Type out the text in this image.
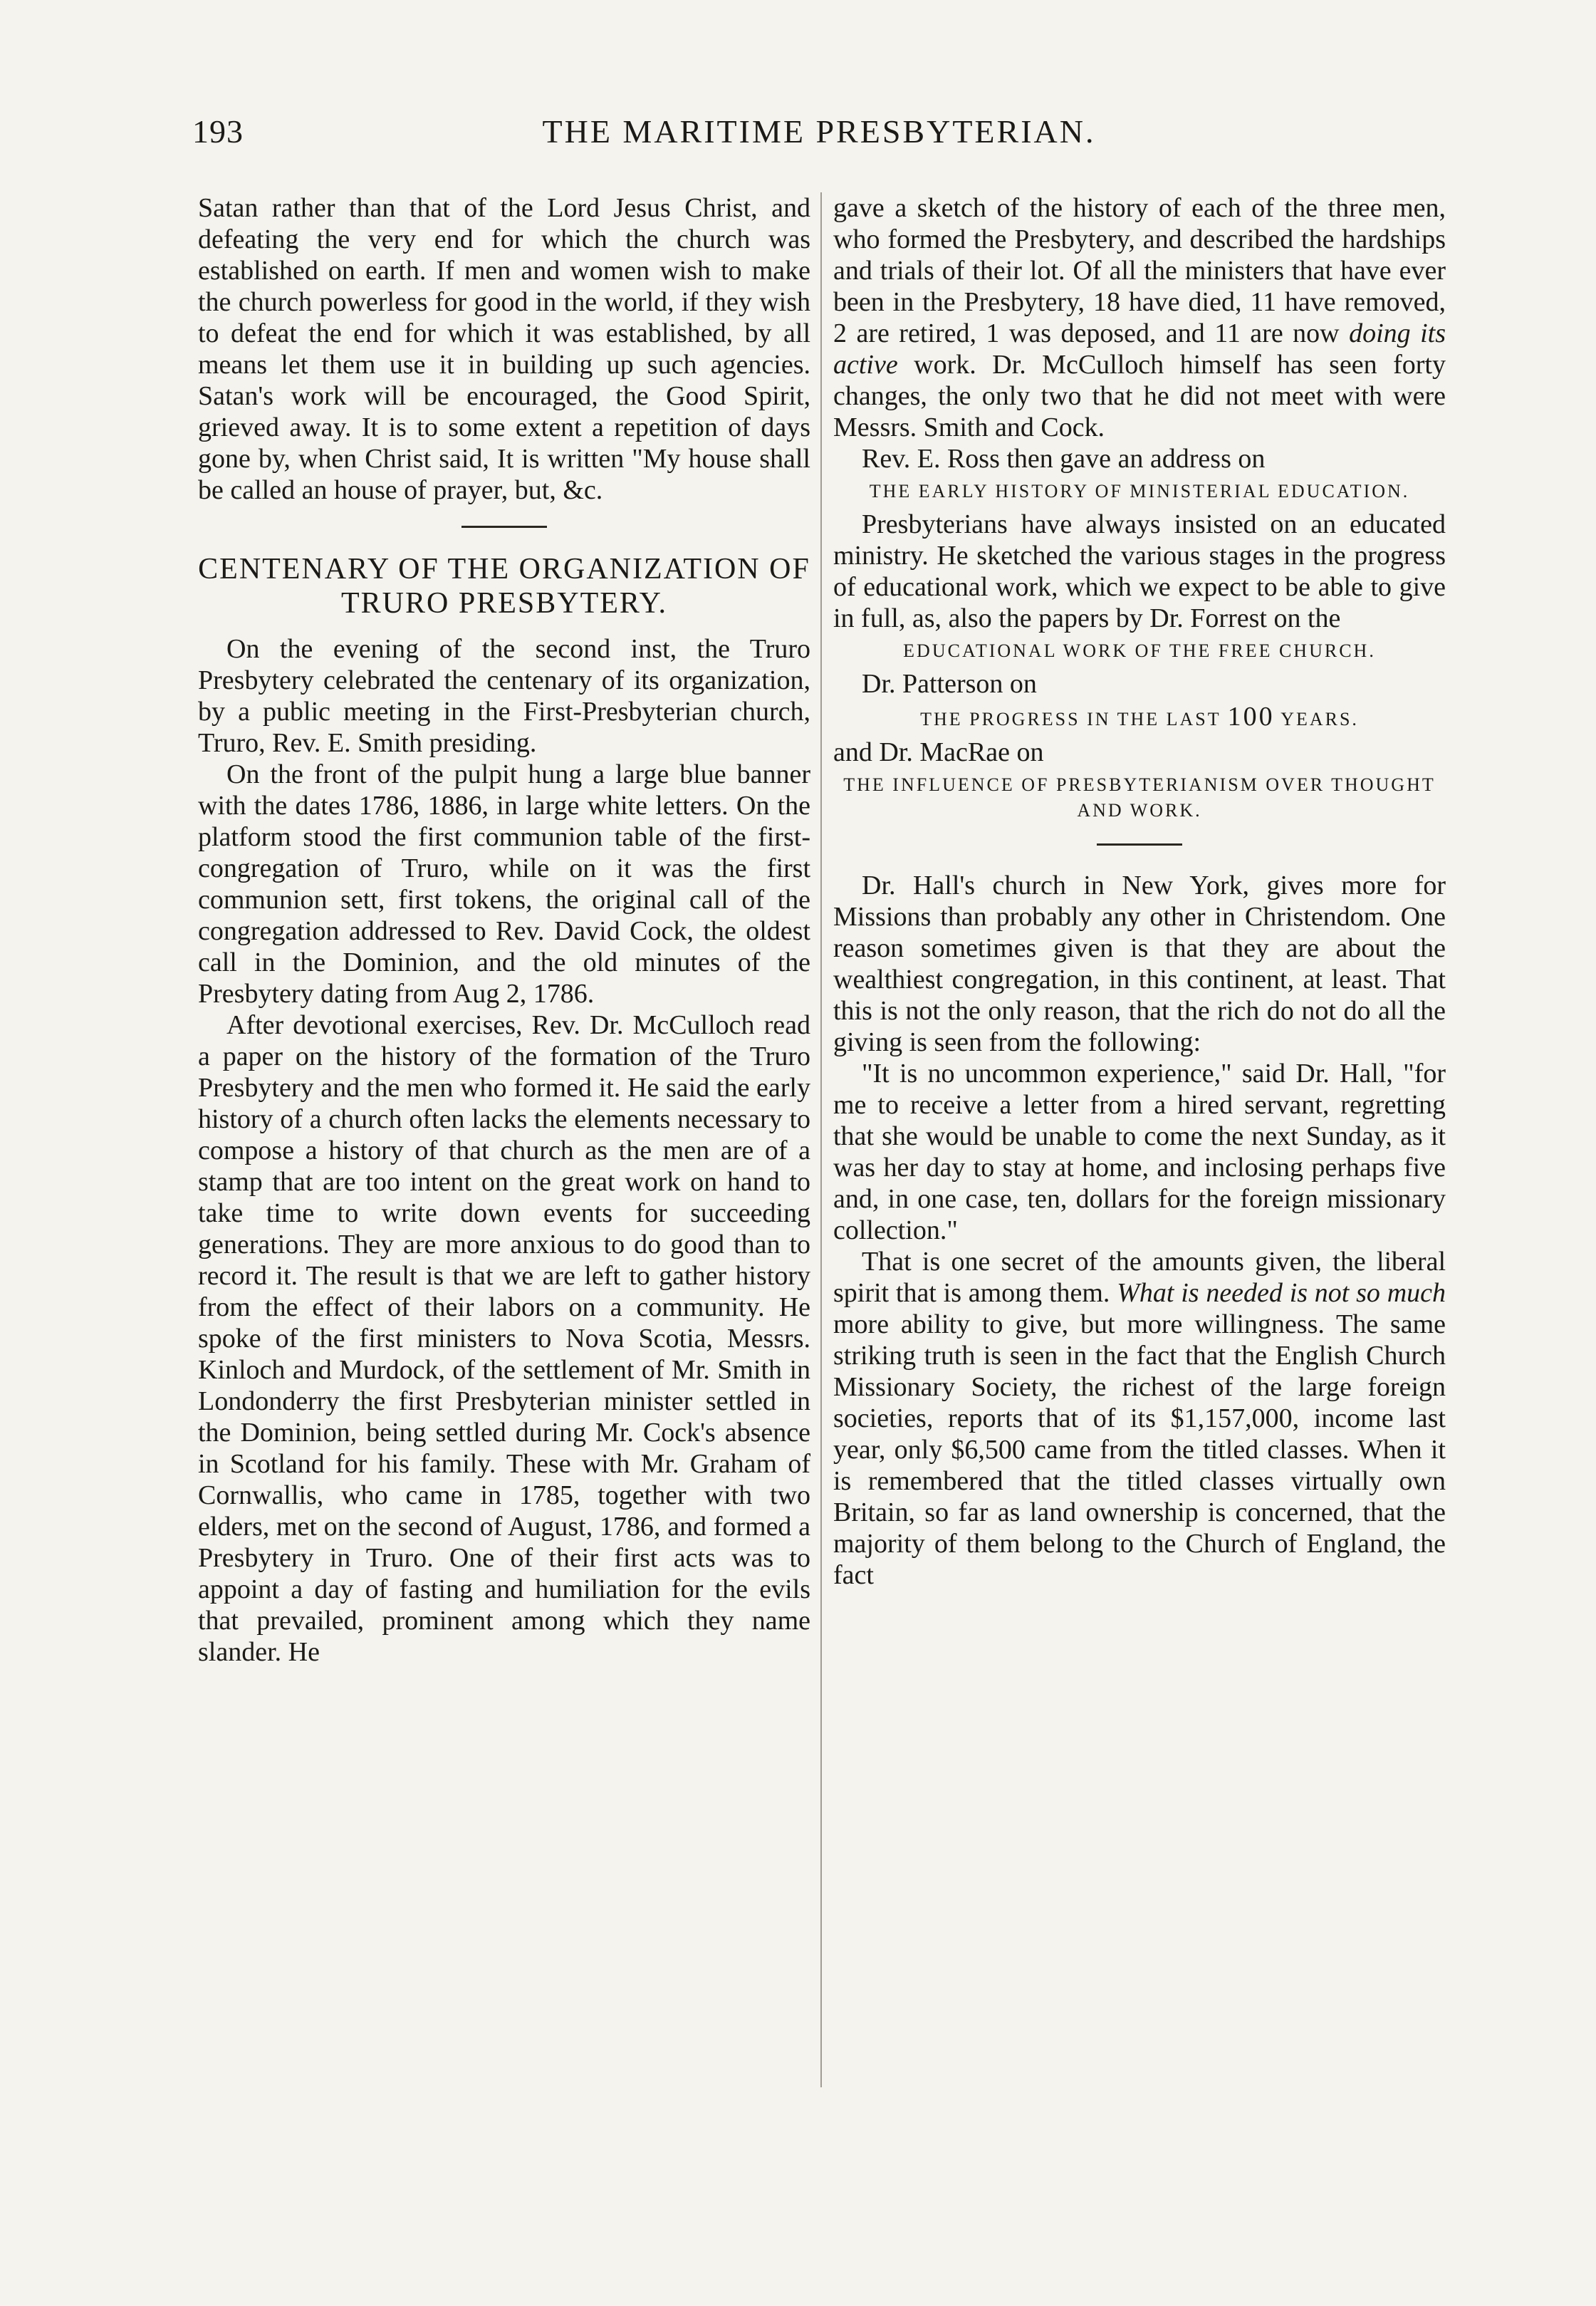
193	THE MARITIME PRESBYTERIAN.

Satan rather than that of the Lord Jesus Christ, and defeating the very end for which the church was established on earth. If men and women wish to make the church powerless for good in the world, if they wish to defeat the end for which it was established, by all means let them use it in building up such agencies. Satan's work will be encouraged, the Good Spirit, grieved away. It is to some extent a repetition of days gone by, when Christ said, It is written "My house shall be called an house of prayer, but, &c.

CENTENARY OF THE ORGANIZATION OF TRURO PRESBYTERY.

On the evening of the second inst, the Truro Presbytery celebrated the centenary of its organization, by a public meeting in the First-Presbyterian church, Truro, Rev. E. Smith presiding.

On the front of the pulpit hung a large blue banner with the dates 1786, 1886, in large white letters. On the platform stood the first communion table of the first-congregation of Truro, while on it was the first communion sett, first tokens, the original call of the congregation addressed to Rev. David Cock, the oldest call in the Dominion, and the old minutes of the Presbytery dating from Aug 2, 1786.

After devotional exercises, Rev. Dr. McCulloch read a paper on the history of the formation of the Truro Presbytery and the men who formed it. He said the early history of a church often lacks the elements necessary to compose a history of that church as the men are of a stamp that are too intent on the great work on hand to take time to write down events for succeeding generations. They are more anxious to do good than to record it. The result is that we are left to gather history from the effect of their labors on a community. He spoke of the first ministers to Nova Scotia, Messrs. Kinloch and Murdock, of the settlement of Mr. Smith in Londonderry the first Presbyterian minister settled in the Dominion, being settled during Mr. Cock's absence in Scotland for his family. These with Mr. Graham of Cornwallis, who came in 1785, together with two elders, met on the second of August, 1786, and formed a Presbytery in Truro. One of their first acts was to appoint a day of fasting and humiliation for the evils that prevailed, prominent among which they name slander. He

gave a sketch of the history of each of the three men, who formed the Presbytery, and described the hardships and trials of their lot. Of all the ministers that have ever been in the Presbytery, 18 have died, 11 have removed, 2 are retired, 1 was deposed, and 11 are now doing its active work. Dr. McCulloch himself has seen forty changes, the only two that he did not meet with were Messrs. Smith and Cock.

Rev. E. Ross then gave an address on

THE EARLY HISTORY OF MINISTERIAL EDUCATION.

Presbyterians have always insisted on an educated ministry. He sketched the various stages in the progress of educational work, which we expect to be able to give in full, as, also the papers by Dr. Forrest on the

EDUCATIONAL WORK OF THE FREE CHURCH.

Dr. Patterson on

THE PROGRESS IN THE LAST 100 YEARS.

and Dr. MacRae on

THE INFLUENCE OF PRESBYTERIANISM OVER THOUGHT AND WORK.

Dr. Hall's church in New York, gives more for Missions than probably any other in Christendom. One reason sometimes given is that they are about the wealthiest congregation, in this continent, at least. That this is not the only reason, that the rich do not do all the giving is seen from the following:

"It is no uncommon experience," said Dr. Hall, "for me to receive a letter from a hired servant, regretting that she would be unable to come the next Sunday, as it was her day to stay at home, and inclosing perhaps five and, in one case, ten, dollars for the foreign missionary collection."

That is one secret of the amounts given, the liberal spirit that is among them. What is needed is not so much more ability to give, but more willingness. The same striking truth is seen in the fact that the English Church Missionary Society, the richest of the large foreign societies, reports that of its $1,157,000, income last year, only $6,500 came from the titled classes. When it is remembered that the titled classes virtually own Britain, so far as land ownership is concerned, that the majority of them belong to the Church of England, the fact
